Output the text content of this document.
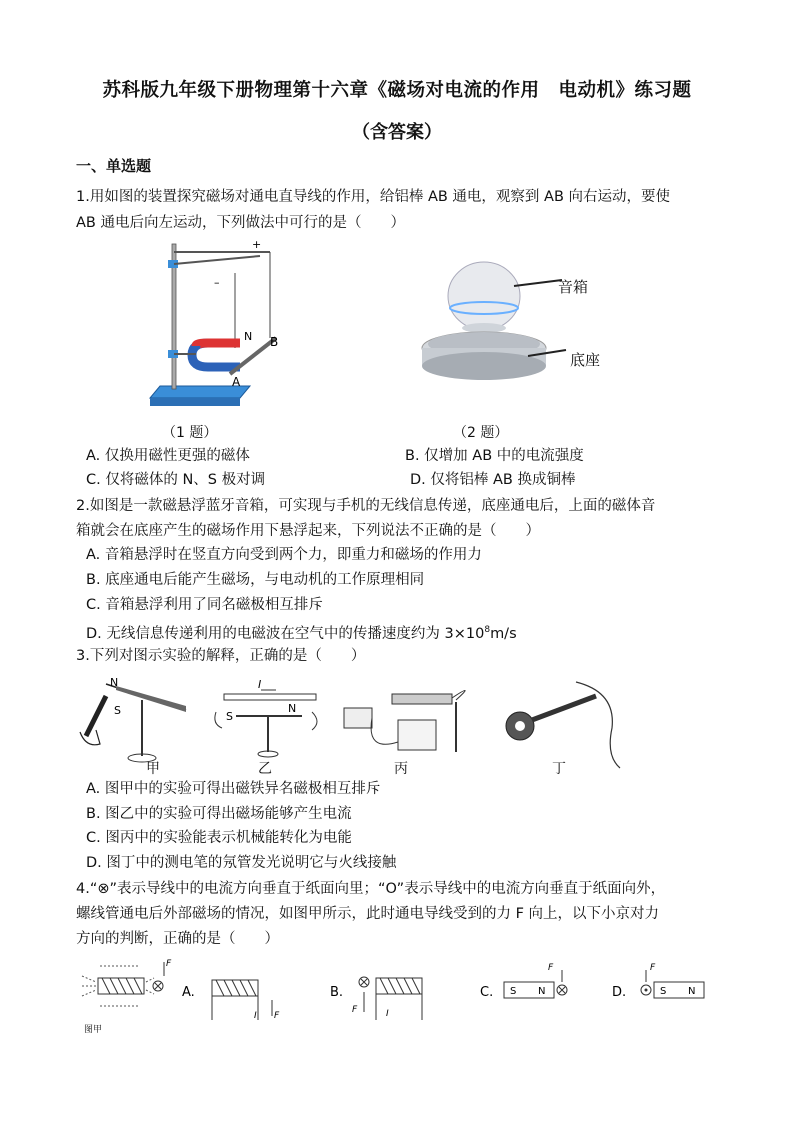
苏科版九年级下册物理第十六章《磁场对电流的作用　电动机》练习题
（含答案）
一、单选题
1.用如图的装置探究磁场对通电直导线的作用，给铝棒 AB 通电，观察到 AB 向右运动，要使
AB 通电后向左运动，下列做法中可行的是（　　）
+
–
N B
A
（1 题）
音箱
底座
（2 题）
A. 仅换用磁性更强的磁体	B. 仅增加 AB 中的电流强度
C. 仅将磁体的 N、S 极对调	D. 仅将铝棒 AB 换成铜棒
2.如图是一款磁悬浮蓝牙音箱，可实现与手机的无线信息传递，底座通电后，上面的磁体音
箱就会在底座产生的磁场作用下悬浮起来，下列说法不正确的是（　　）
A. 音箱悬浮时在竖直方向受到两个力，即重力和磁场的作用力
B. 底座通电后能产生磁场，与电动机的工作原理相同
C. 音箱悬浮利用了同名磁极相互排斥
D. 无线信息传递利用的电磁波在空气中的传播速度约为 $3\times 10^8m/s$
3.下列对图示实验的解释，正确的是（　　）
N
S
I
S
N
甲	乙	丙	丁
A. 图甲中的实验可得出磁铁异名磁极相互排斥
B. 图乙中的实验可得出磁场能够产生电流
C. 图丙中的实验能表示机械能转化为电能
D. 图丁中的测电笔的氖管发光说明它与火线接触
4.“⊗”表示导线中的电流方向垂直于纸面向里；“O”表示导线中的电流方向垂直于纸面向外，
螺线管通电后外部磁场的情况，如图甲所示，此时通电导线受到的力 F 向上，以下小京对力
方向的判断，正确的是（　　）
F
A.
F
I
B.
F	I
C. S N
F
D.
F
S N
图甲
